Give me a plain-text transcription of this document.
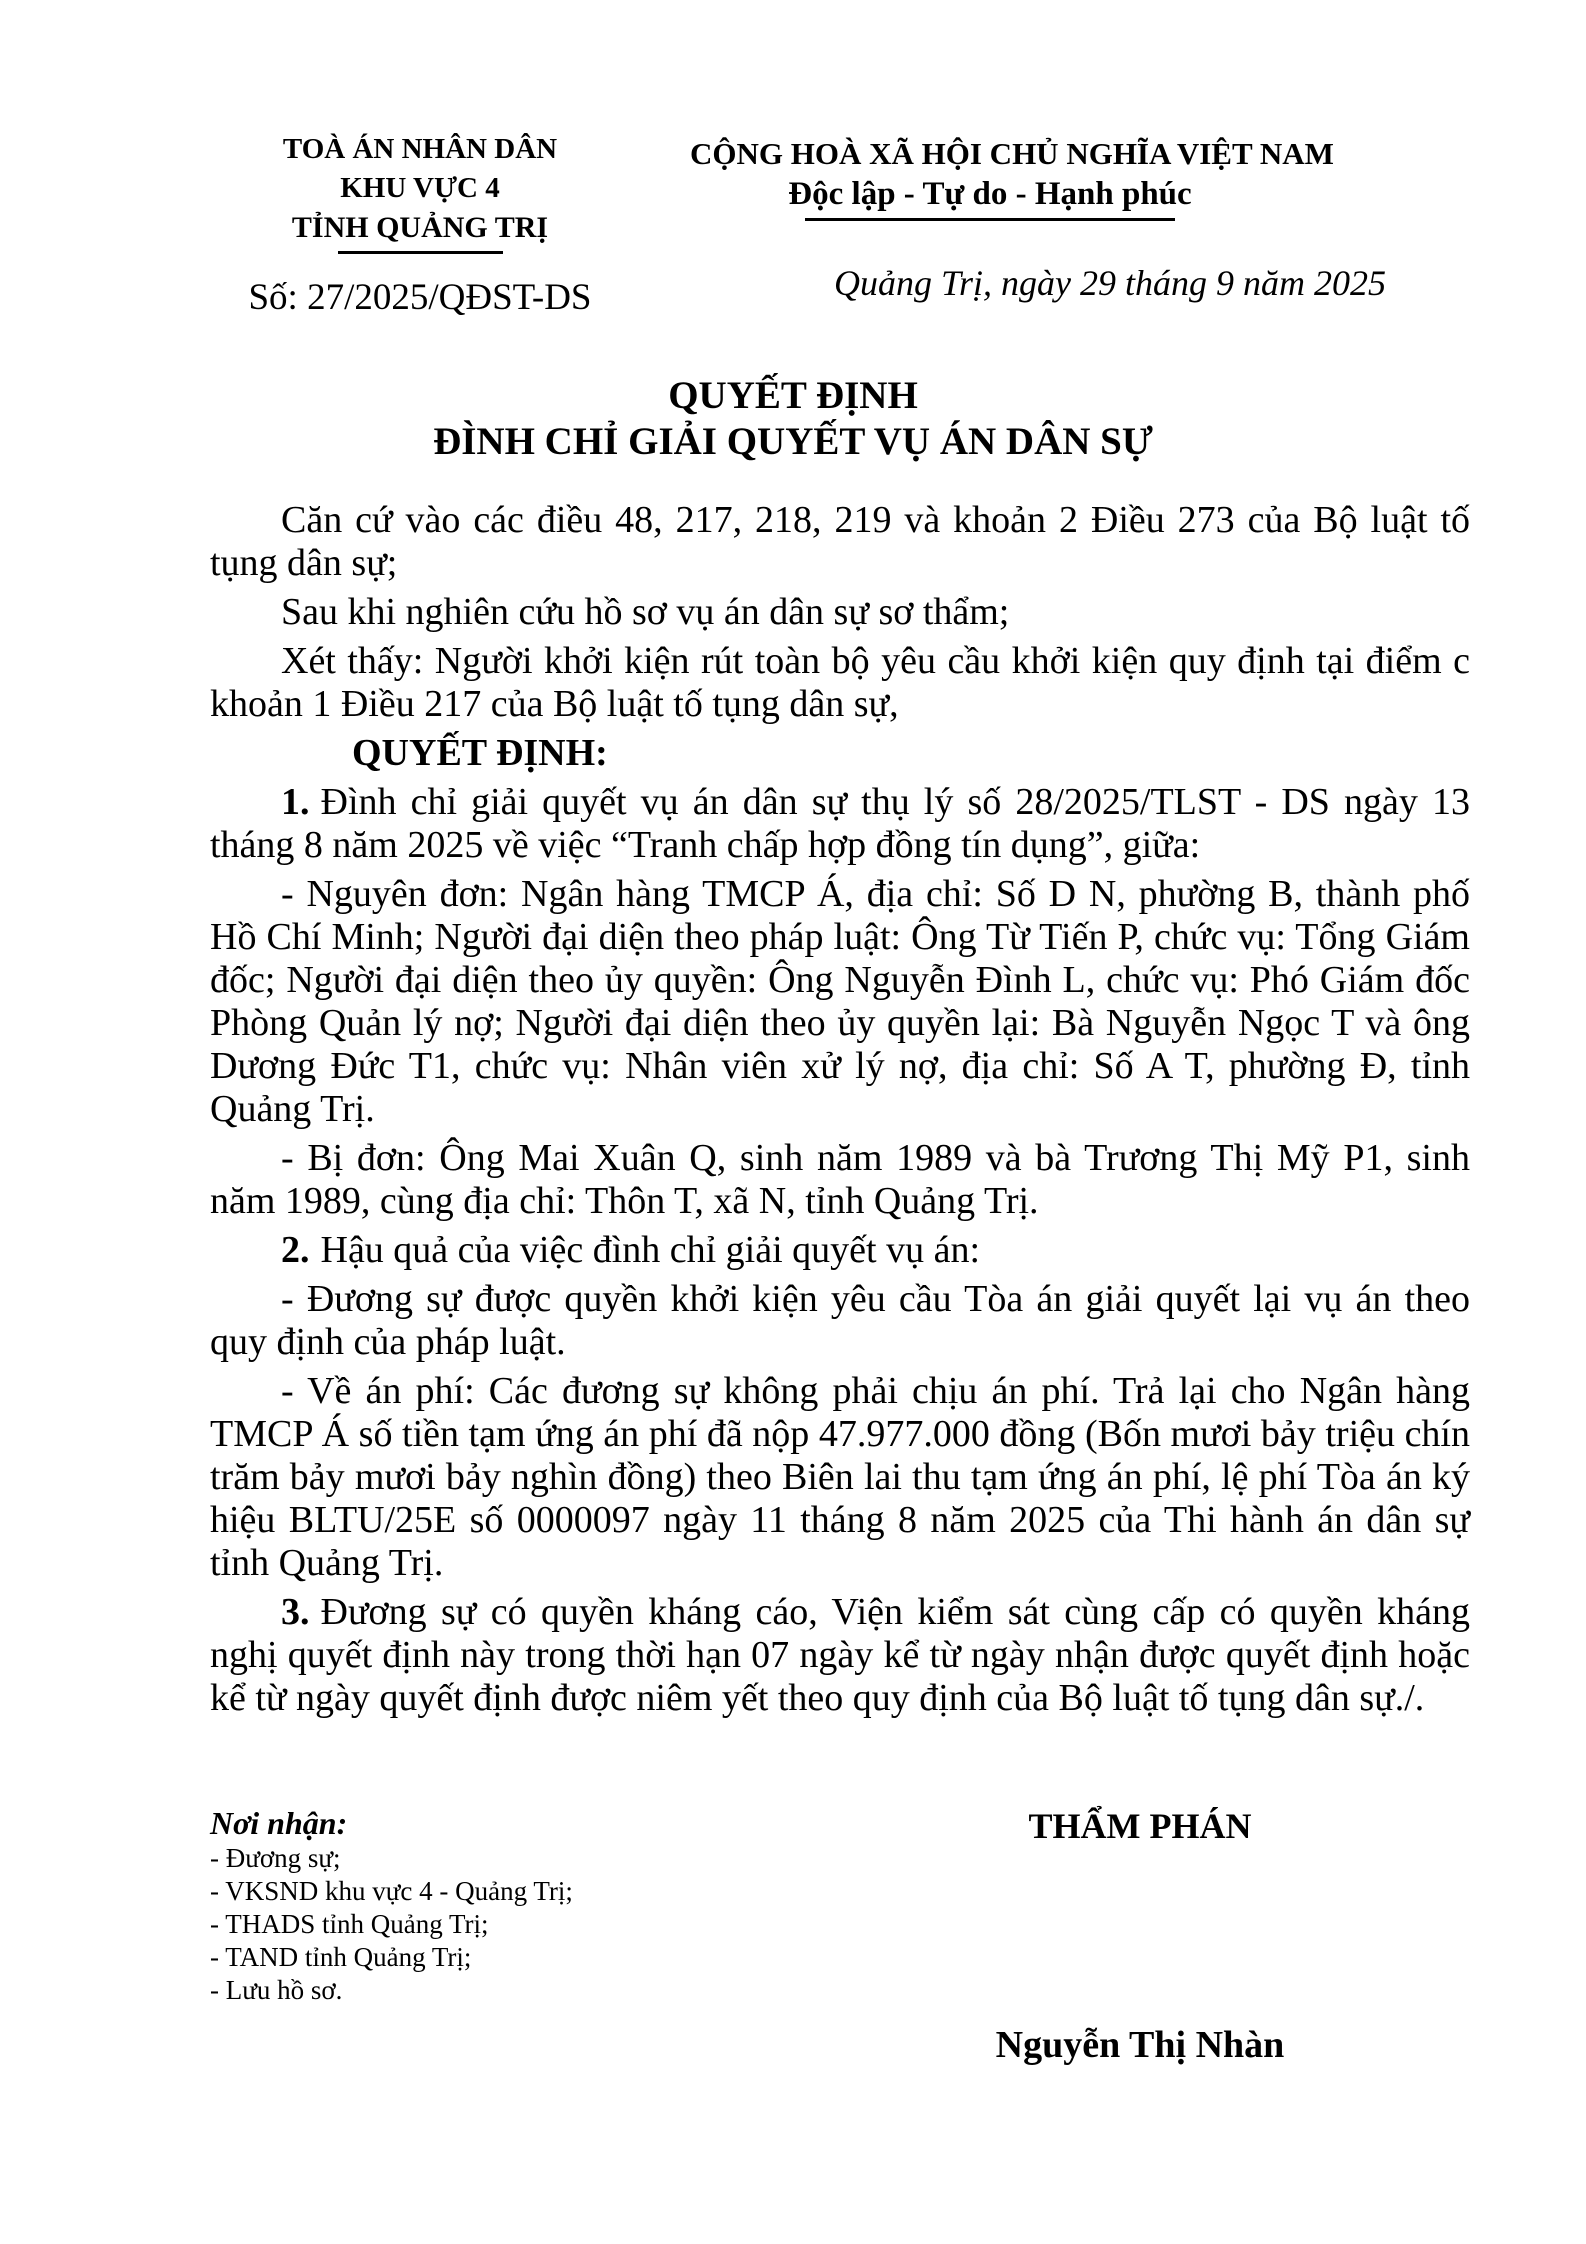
TOÀ ÁN NHÂN DÂN
KHU VỰC 4
TỈNH QUẢNG TRỊ
Số: 27/2025/QĐST-DS
CỘNG HOÀ XÃ HỘI CHỦ NGHĨA VIỆT NAM
Độc lập - Tự do - Hạnh phúc
Quảng Trị, ngày 29 tháng 9 năm 2025
QUYẾT ĐỊNH
ĐÌNH CHỈ GIẢI QUYẾT VỤ ÁN DÂN SỰ

Căn cứ vào các điều 48, 217, 218, 219 và khoản 2 Điều 273 của Bộ luật tố tụng dân sự;

Sau khi nghiên cứu hồ sơ vụ án dân sự sơ thẩm;

Xét thấy: Người khởi kiện rút toàn bộ yêu cầu khởi kiện quy định tại điểm c khoản 1 Điều 217 của Bộ luật tố tụng dân sự,

QUYẾT ĐỊNH:

1. Đình chỉ giải quyết vụ án dân sự thụ lý số 28/2025/TLST - DS ngày 13 tháng 8 năm 2025 về việc “Tranh chấp hợp đồng tín dụng”, giữa:

- Nguyên đơn: Ngân hàng TMCP Á, địa chỉ: Số D N, phường B, thành phố Hồ Chí Minh; Người đại diện theo pháp luật: Ông Từ Tiến P, chức vụ: Tổng Giám đốc; Người đại diện theo ủy quyền: Ông Nguyễn Đình L, chức vụ: Phó Giám đốc Phòng Quản lý nợ; Người đại diện theo ủy quyền lại: Bà Nguyễn Ngọc T và ông Dương Đức T1, chức vụ: Nhân viên xử lý nợ, địa chỉ: Số A T, phường Đ, tỉnh Quảng Trị.

- Bị đơn: Ông Mai Xuân Q, sinh năm 1989 và bà Trương Thị Mỹ P1, sinh năm 1989, cùng địa chỉ: Thôn T, xã N, tỉnh Quảng Trị.

2. Hậu quả của việc đình chỉ giải quyết vụ án:

- Đương sự được quyền khởi kiện yêu cầu Tòa án giải quyết lại vụ án theo quy định của pháp luật.

- Về án phí: Các đương sự không phải chịu án phí. Trả lại cho Ngân hàng TMCP Á số tiền tạm ứng án phí đã nộp 47.977.000 đồng (Bốn mươi bảy triệu chín trăm bảy mươi bảy nghìn đồng) theo Biên lai thu tạm ứng án phí, lệ phí Tòa án ký hiệu BLTU/25E số 0000097 ngày 11 tháng 8 năm 2025 của Thi hành án dân sự tỉnh Quảng Trị.

3. Đương sự có quyền kháng cáo, Viện kiểm sát cùng cấp có quyền kháng nghị quyết định này trong thời hạn 07 ngày kể từ ngày nhận được quyết định hoặc kể từ ngày quyết định được niêm yết theo quy định của Bộ luật tố tụng dân sự./.

Nơi nhận:
- Đương sự;
- VKSND khu vực 4 - Quảng Trị;
- THADS tỉnh Quảng Trị;
- TAND tỉnh Quảng Trị;
- Lưu hồ sơ.
THẨM PHÁN
Nguyễn Thị Nhàn
